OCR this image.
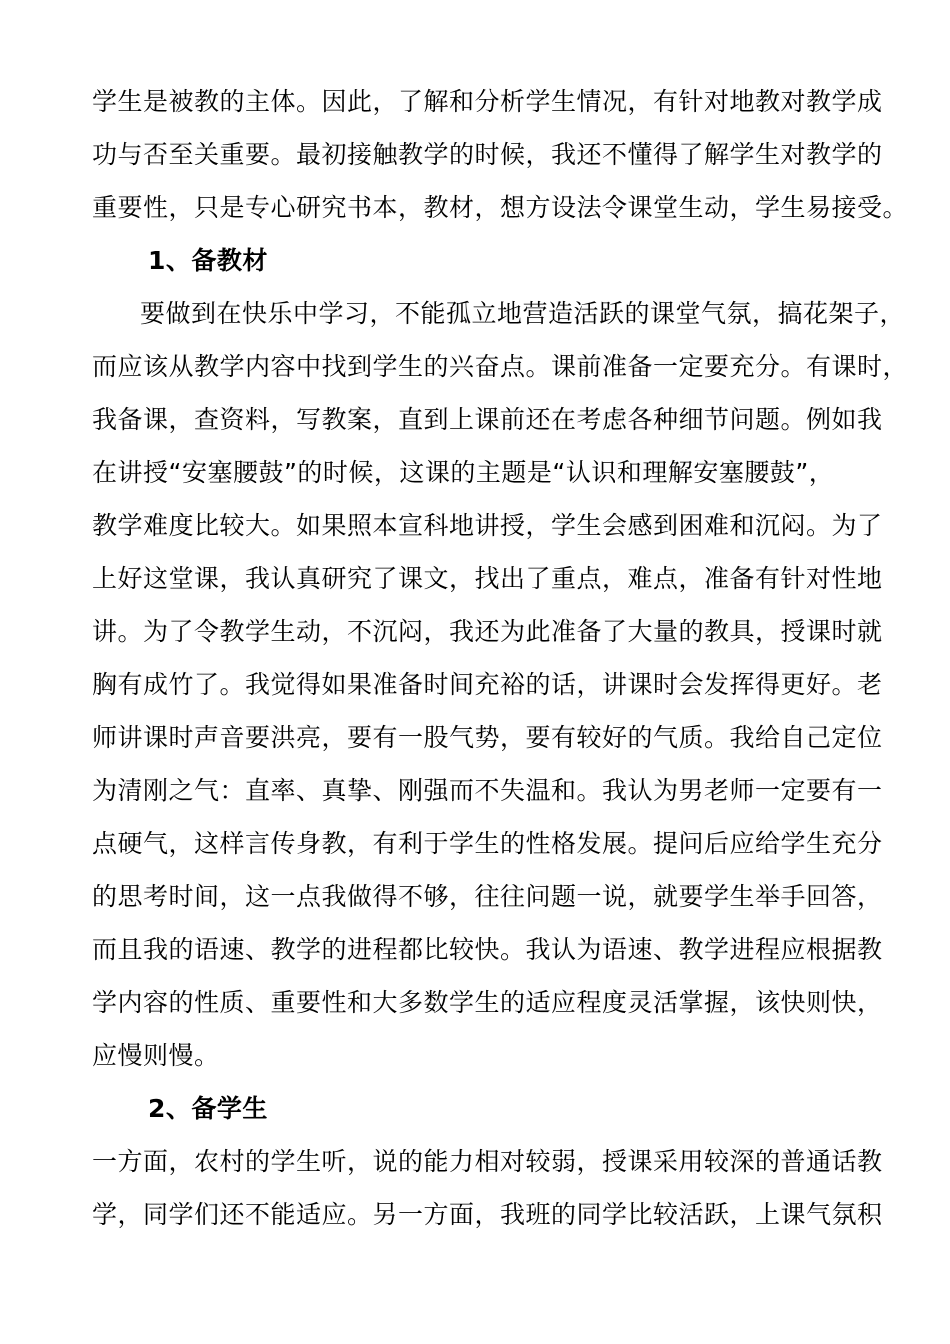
学生是被教的主体。因此，了解和分析学生情况，有针对地教对教学成
功与否至关重要。最初接触教学的时候，我还不懂得了解学生对教学的
重要性，只是专心研究书本，教材，想方设法令课堂生动，学生易接受。
1、备教材
要做到在快乐中学习，不能孤立地营造活跃的课堂气氛，搞花架子，
而应该从教学内容中找到学生的兴奋点。课前准备一定要充分。有课时，
我备课，查资料，写教案，直到上课前还在考虑各种细节问题。例如我
在讲授“安塞腰鼓”的时候，这课的主题是“认识和理解安塞腰鼓”，
教学难度比较大。如果照本宣科地讲授，学生会感到困难和沉闷。为了
上好这堂课，我认真研究了课文，找出了重点，难点，准备有针对性地
讲。为了令教学生动，不沉闷，我还为此准备了大量的教具，授课时就
胸有成竹了。我觉得如果准备时间充裕的话，讲课时会发挥得更好。老
师讲课时声音要洪亮，要有一股气势，要有较好的气质。我给自己定位
为清刚之气：直率、真挚、刚强而不失温和。我认为男老师一定要有一
点硬气，这样言传身教，有利于学生的性格发展。提问后应给学生充分
的思考时间，这一点我做得不够，往往问题一说，就要学生举手回答，
而且我的语速、教学的进程都比较快。我认为语速、教学进程应根据教
学内容的性质、重要性和大多数学生的适应程度灵活掌握，该快则快，
应慢则慢。
2、备学生
一方面，农村的学生听，说的能力相对较弱，授课采用较深的普通话教
学，同学们还不能适应。另一方面，我班的同学比较活跃，上课气氛积
